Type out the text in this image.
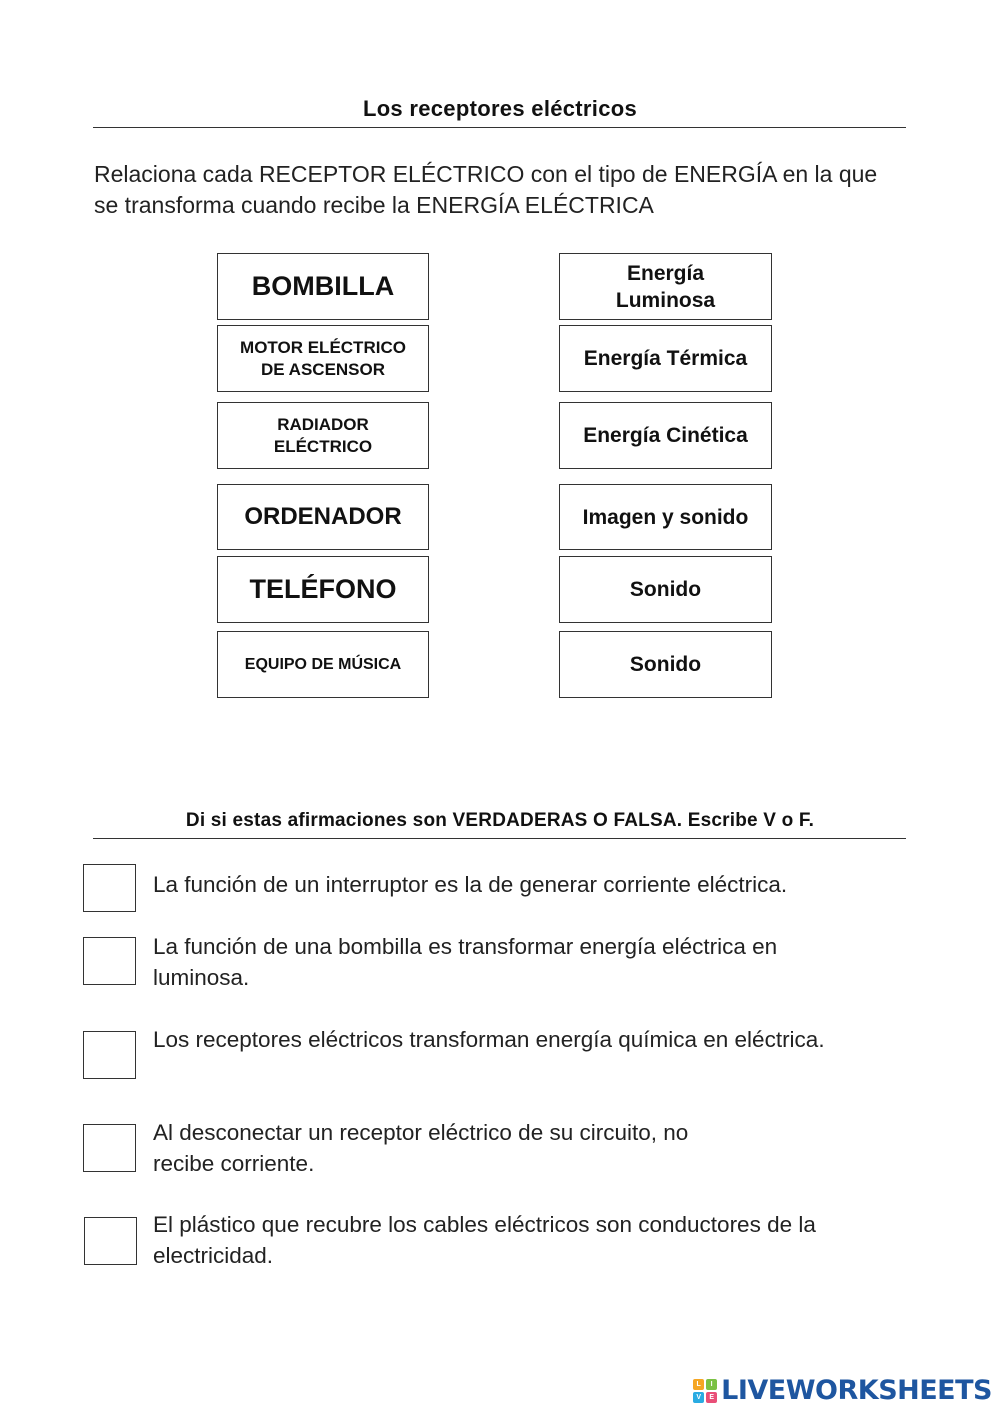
Los receptores eléctricos
Relaciona cada RECEPTOR ELÉCTRICO con el tipo de ENERGÍA en la que se transforma cuando recibe la ENERGÍA ELÉCTRICA
BOMBILLA
MOTOR ELÉCTRICO DE ASCENSOR
RADIADOR ELÉCTRICO
ORDENADOR
TELÉFONO
EQUIPO DE MÚSICA
Energía Luminosa
Energía Térmica
Energía Cinética
Imagen y sonido
Sonido
Sonido
Di si estas afirmaciones son VERDADERAS O FALSA. Escribe V o F.
La función de un interruptor es la de generar corriente eléctrica.
La función de una bombilla es transformar energía eléctrica en luminosa.
Los receptores eléctricos transforman energía química en eléctrica.
Al desconectar un receptor eléctrico de su circuito, no recibe corriente.
El plástico que recubre los cables eléctricos son conductores de la electricidad.
L	I
V	E LIVEWORKSHEETS
